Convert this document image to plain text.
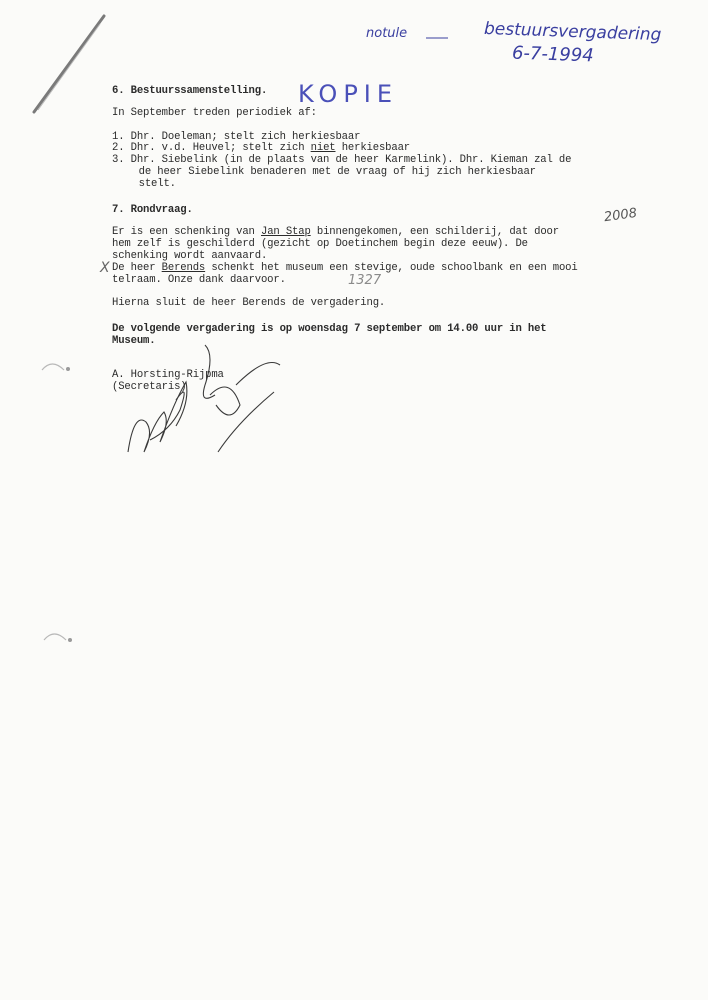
notule	bestuursvergadering
6-7-1994
KOPIE
6. Bestuurssamenstelling.
In September treden periodiek af:
1. Dhr. Doeleman; stelt zich herkiesbaar
2. Dhr. v.d. Heuvel; stelt zich niet herkiesbaar
3. Dhr. Siebelink (in de plaats van de heer Karmelink). Dhr. Kieman zal de
de heer Siebelink benaderen met de vraag of hij zich herkiesbaar
stelt.
7. Rondvraag.	2008
Er is een schenking van Jan Stap binnengekomen, een schilderij, dat door
hem zelf is geschilderd (gezicht op Doetinchem begin deze eeuw). De
schenking wordt aanvaard.
X De heer Berends schenkt het museum een stevige, oude schoolbank en een mooi
telraam. Onze dank daarvoor.	1327
Hierna sluit de heer Berends de vergadering.
De volgende vergadering is op woensdag 7 september om 14.00 uur in het
Museum.
A. Horsting-Rijpma
(Secretaris)
